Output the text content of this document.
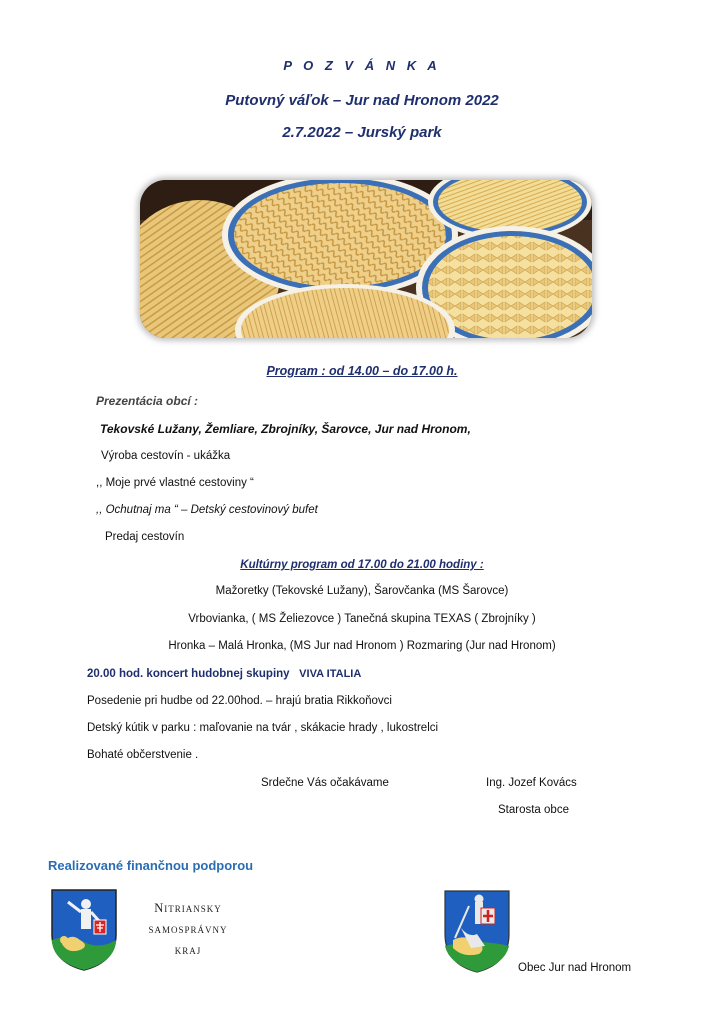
P O Z V Á N K A
Putovný váľok – Jur nad Hronom 2022
2.7.2022 – Jurský park
Program : od 14.00 – do 17.00 h.
Prezentácia obcí :
Tekovské Lužany, Žemliare, Zbrojníky, Šarovce, Jur nad Hronom,
Výroba cestovín - ukážka
,, Moje prvé vlastné cestoviny “
,, Ochutnaj ma “ – Detský cestovinový bufet
Predaj cestovín
Kultúrny program od 17.00 do 21.00 hodiny :
Mažoretky (Tekovské Lužany), Šarovčanka (MS Šarovce)
Vrbovianka, ( MS Želiezovce ) Tanečná skupina TEXAS ( Zbrojníky )
Hronka – Malá Hronka, (MS Jur nad Hronom ) Rozmaring (Jur nad Hronom)
20.00 hod. koncert hudobnej skupiny VIVA ITALIA
Posedenie pri hudbe od 22.00hod. – hrajú bratia Rikkoňovci
Detský kútik v parku : maľovanie na tvár , skákacie hrady , lukostrelci
Bohaté občerstvenie .
Srdečne Vás očakávame	Ing. Jozef Kovács
Starosta obce
Realizované finančnou podporou
Nitriansky
samosprávny
kraj
Obec Jur nad Hronom
